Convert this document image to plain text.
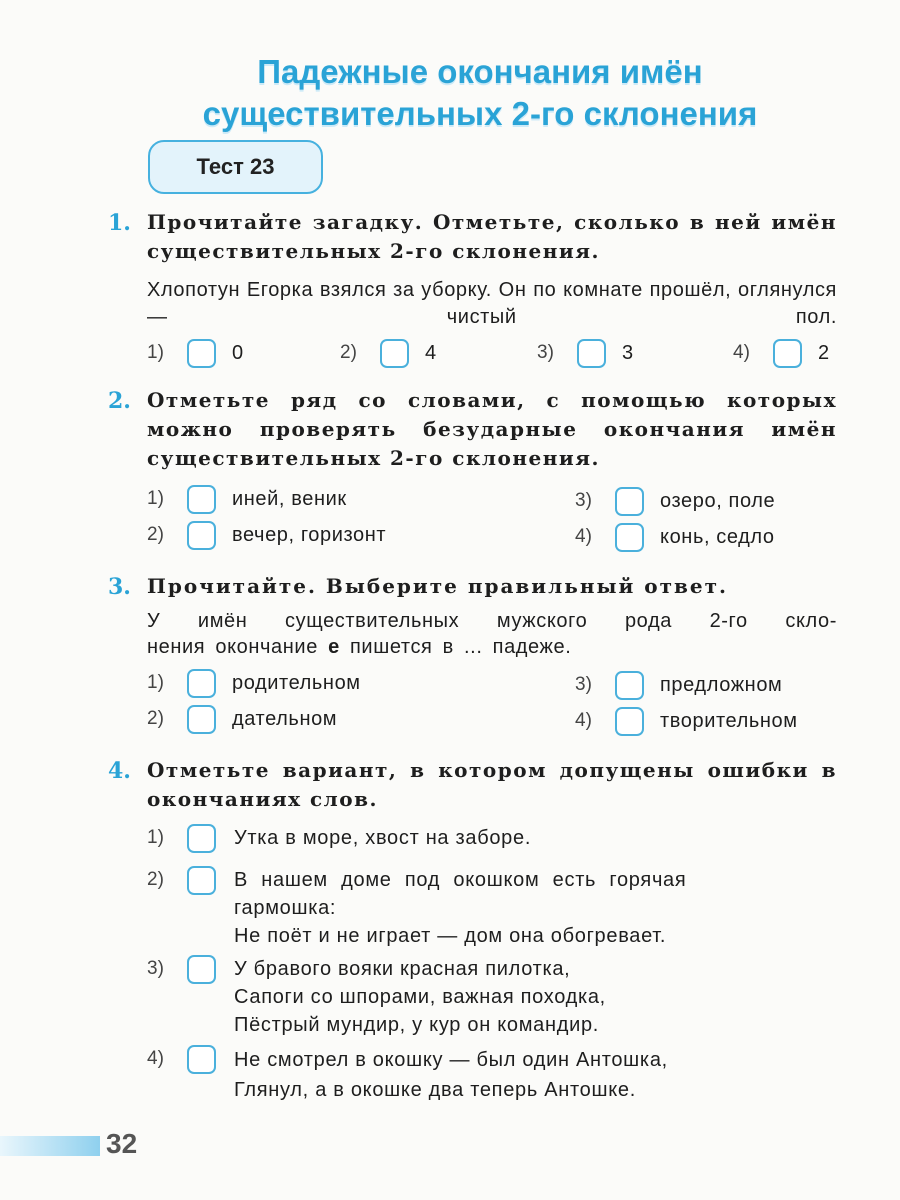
Падежные окончания имён
существительных 2-го склонения
Тест 23
1. Прочитайте загадку. Отметьте, сколько в ней имён существительных 2-го склонения.
Хлопотун Егорка взялся за уборку. Он по комнате прошёл, оглянулся — чистый пол.
1)	0	2)	4	3)	3	4)	2
2. Отметьте ряд со словами, с помощью которых можно проверять безударные окончания имён существительных 2-го склонения.
1)	иней, веник
2)	вечер, горизонт
3)	озеро, поле
4)	конь, седло
3. Прочитайте. Выберите правильный ответ.
У имён существительных мужского рода 2-го скло-
нения окончание е пишется в ... падеже.
1)	родительном
2)	дательном
3)	предложном
4)	творительном
4. Отметьте вариант, в котором допущены ошибки в окончаниях слов.
1)	Утка в море, хвост на заборе.
2)	В нашем доме под окошком есть горячая
гармошка:
Не поёт и не играет — дом она обогревает.
3)	У бравого вояки красная пилотка,
Сапоги со шпорами, важная походка,
Пёстрый мундир, у кур он командир.
4)	Не смотрел в окошку — был один Антошка,
Глянул, а в окошке два теперь Антошке.
32
